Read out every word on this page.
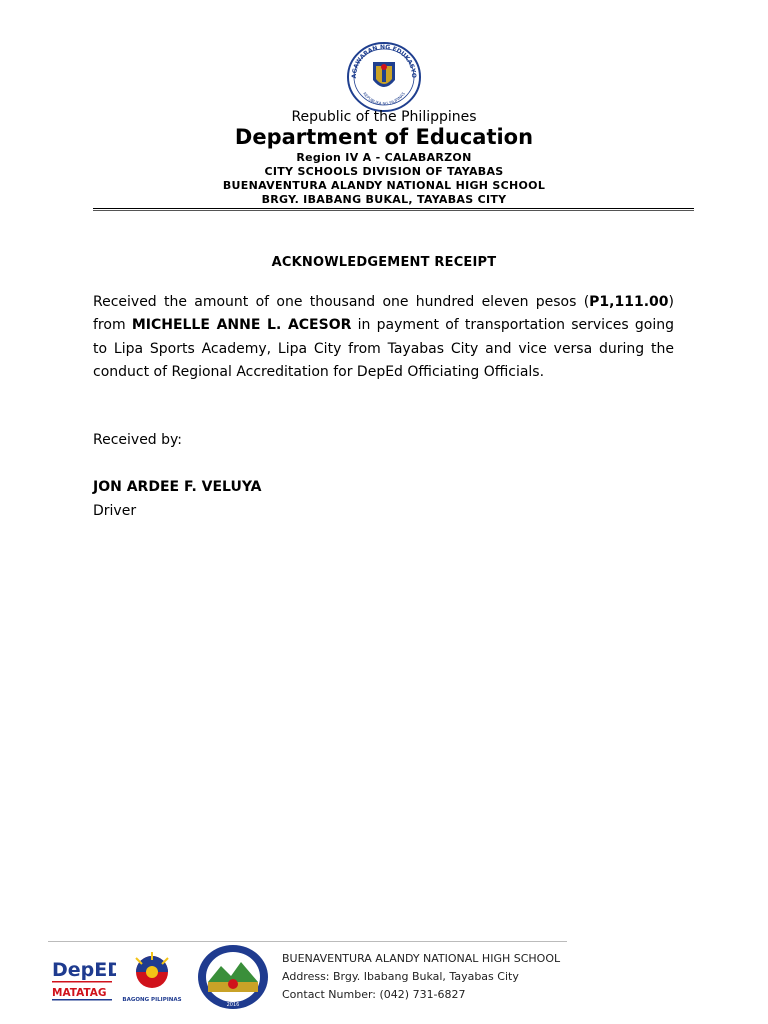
AGAWARAN NG EDUKASYO
REPUBLIKA NG PILIPINAS
Republic of the Philippines
Department of Education
Region IV A - CALABARZON
CITY SCHOOLS DIVISION OF TAYABAS
BUENAVENTURA ALANDY NATIONAL HIGH SCHOOL
BRGY. IBABANG BUKAL, TAYABAS CITY
ACKNOWLEDGEMENT RECEIPT
Received the amount of one thousand one hundred eleven pesos (P1,111.00) from MICHELLE ANNE L. ACESOR in payment of transportation services going to Lipa Sports Academy, Lipa City from Tayabas City and vice versa during the conduct of Regional Accreditation for DepEd Officiating Officials.
Received by:
JON ARDEE F. VELUYA
Driver
DepED
MATATAG
BAGONG PILIPINAS
2016
BUENAVENTURA ALANDY NATIONAL HIGH SCHOOL
Address: Brgy. Ibabang Bukal, Tayabas City
Contact Number: (042) 731-6827
